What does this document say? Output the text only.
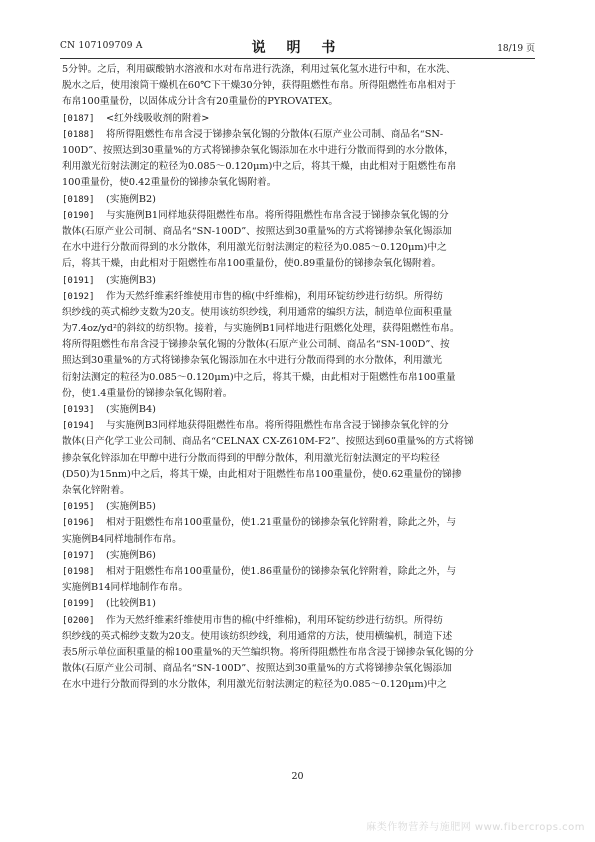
CN 107109709 A	说 明 书	18/19 页
5分钟。之后，利用碳酸钠水溶液和水对布帛进行洗涤，利用过氧化氢水进行中和，在水洗、
脱水之后，使用滚筒干燥机在60℃下干燥30分钟，获得阻燃性布帛。所得阻燃性布帛相对于
布帛100重量份，以固体成分计含有20重量份的PYROVATEX。
[0187]	<红外线吸收剂的附着>
[0188]	将所得阻燃性布帛含浸于锑掺杂氧化锡的分散体(石原产业公司制、商品名“SN-
100D”、按照达到30重量%的方式将锑掺杂氧化锡添加在水中进行分散而得到的水分散体，
利用激光衍射法测定的粒径为0.085～0.120μm)中之后，将其干燥，由此相对于阻燃性布帛
100重量份，使0.42重量份的锑掺杂氧化锡附着。
[0189]	(实施例B2)
[0190]	与实施例B1同样地获得阻燃性布帛。将所得阻燃性布帛含浸于锑掺杂氧化锡的分
散体(石原产业公司制、商品名“SN-100D”、按照达到30重量%的方式将锑掺杂氧化锡添加
在水中进行分散而得到的水分散体，利用激光衍射法测定的粒径为0.085～0.120μm)中之
后，将其干燥，由此相对于阻燃性布帛100重量份，使0.89重量份的锑掺杂氧化锡附着。
[0191]	(实施例B3)
[0192]	作为天然纤维素纤维使用市售的棉(中纤维棉)，利用环锭纺纱进行纺织。所得纺
织纱线的英式棉纱支数为20支。使用该纺织纱线，利用通常的编织方法，制造单位面积重量
为7.4oz/yd²的斜纹的纺织物。接着，与实施例B1同样地进行阻燃化处理，获得阻燃性布帛。
将所得阻燃性布帛含浸于锑掺杂氧化锡的分散体(石原产业公司制、商品名“SN-100D”、按
照达到30重量%的方式将锑掺杂氧化锡添加在水中进行分散而得到的水分散体，利用激光
衍射法测定的粒径为0.085～0.120μm)中之后，将其干燥，由此相对于阻燃性布帛100重量
份，使1.4重量份的锑掺杂氧化锡附着。
[0193]	(实施例B4)
[0194]	与实施例B3同样地获得阻燃性布帛。将所得阻燃性布帛含浸于锑掺杂氧化锌的分
散体(日产化学工业公司制、商品名“CELNAX CX-Z610M-F2”、按照达到60重量%的方式将锑
掺杂氧化锌添加在甲醇中进行分散而得到的甲醇分散体，利用激光衍射法测定的平均粒径
(D50)为15nm)中之后，将其干燥，由此相对于阻燃性布帛100重量份，使0.62重量份的锑掺
杂氧化锌附着。
[0195]	(实施例B5)
[0196]	相对于阻燃性布帛100重量份，使1.21重量份的锑掺杂氧化锌附着，除此之外，与
实施例B4同样地制作布帛。
[0197]	(实施例B6)
[0198]	相对于阻燃性布帛100重量份，使1.86重量份的锑掺杂氧化锌附着，除此之外，与
实施例B14同样地制作布帛。
[0199]	(比较例B1)
[0200]	作为天然纤维素纤维使用市售的棉(中纤维棉)，利用环锭纺纱进行纺织。所得纺
织纱线的英式棉纱支数为20支。使用该纺织纱线，利用通常的方法，使用横编机，制造下述
表5所示单位面积重量的棉100重量%的天竺编织物。将所得阻燃性布帛含浸于锑掺杂氧化锡的分
散体(石原产业公司制、商品名“SN-100D”、按照达到30重量%的方式将锑掺杂氧化锡添加
在水中进行分散而得到的水分散体，利用激光衍射法测定的粒径为0.085～0.120μm)中之
20
麻类作物营养与施肥网 www.fibercrops.com
